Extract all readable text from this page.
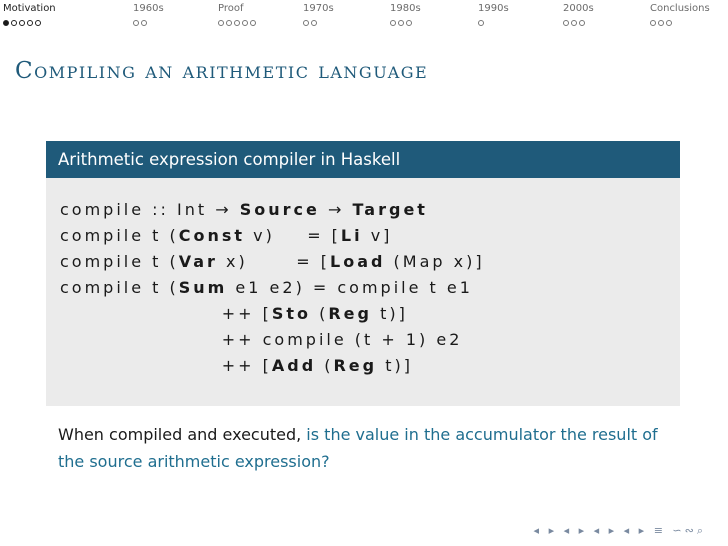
Motivation	1960s	Proof	1970s	1980s	1990s	2000s	Conclusions
Compiling an arithmetic language
Arithmetic expression compiler in Haskell
compile :: Int → Source → Target
compile t (Const v)    = [Li v]
compile t (Var x)      = [Load (Map x)]
compile t (Sum e1 e2) = compile t e1
++ [Sto (Reg t)]
++ compile (t + 1) e2
++ [Add (Reg t)]
When compiled and executed, is the value in the accumulator the result of the source arithmetic expression?
◂ ▸ ◂ ▸ ◂ ▸ ◂ ▸ ≡ ∽∾⌕
